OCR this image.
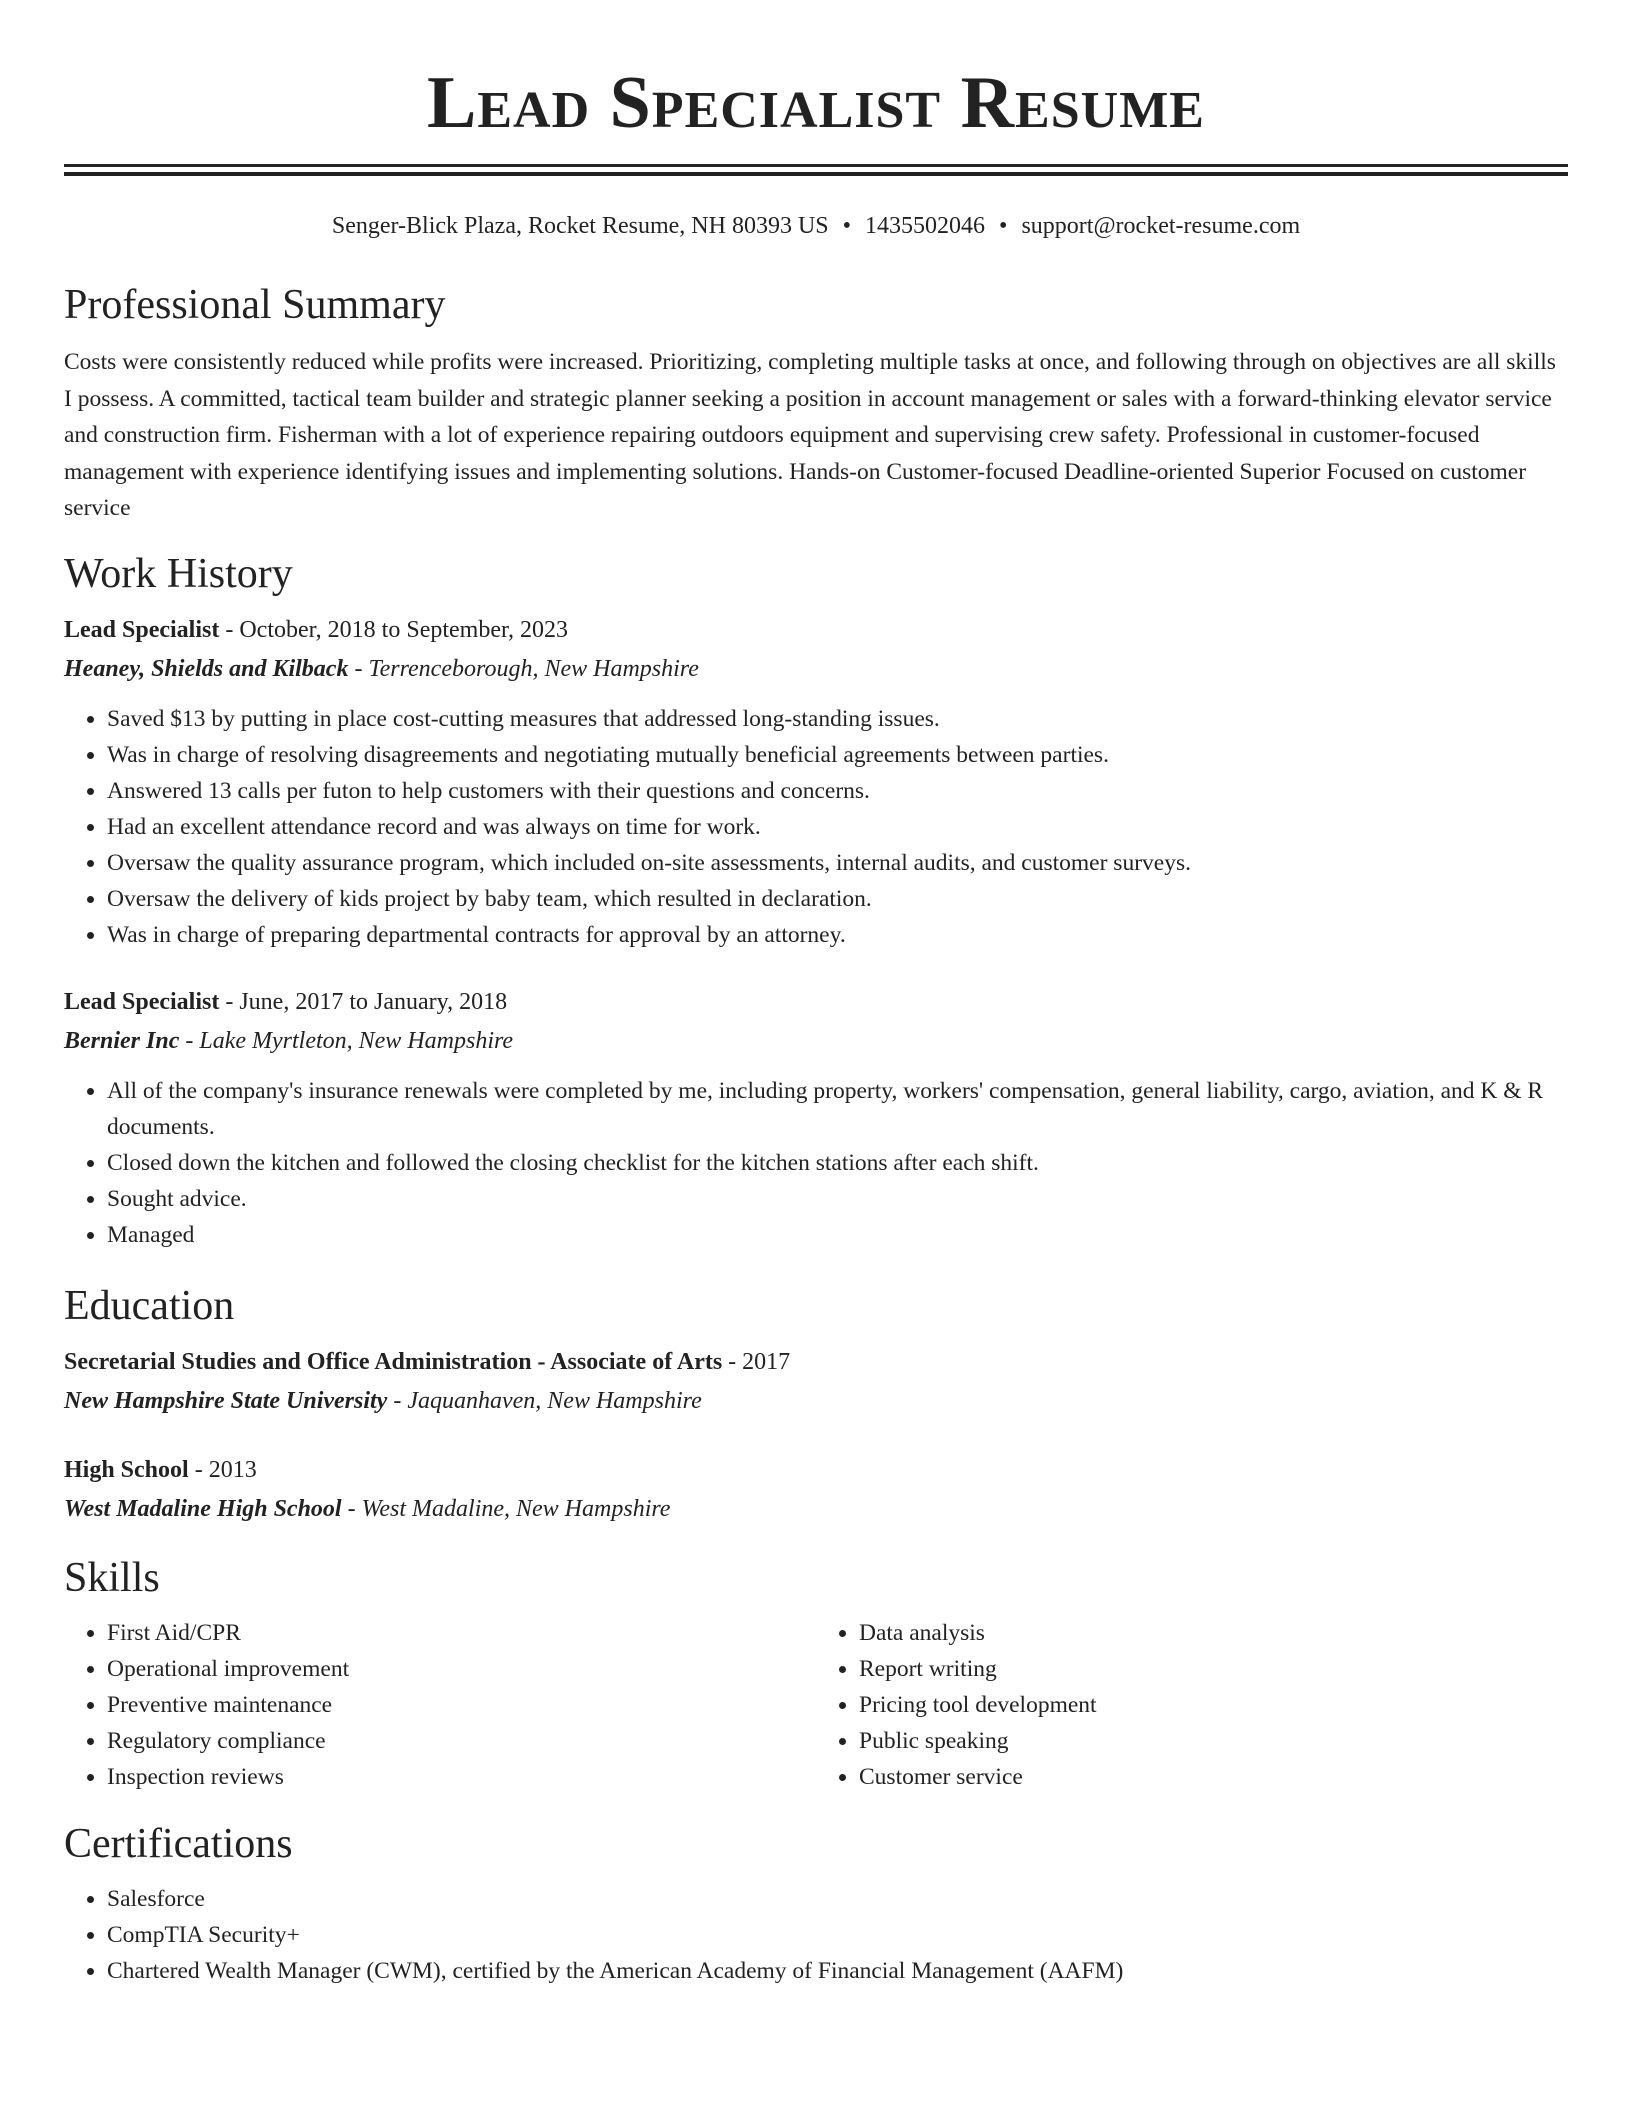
Lead Specialist Resume
Senger-Blick Plaza, Rocket Resume, NH 80393 US • 1435502046 • support@rocket-resume.com
Professional Summary
Costs were consistently reduced while profits were increased. Prioritizing, completing multiple tasks at once, and following through on objectives are all skills I possess. A committed, tactical team builder and strategic planner seeking a position in account management or sales with a forward-thinking elevator service and construction firm. Fisherman with a lot of experience repairing outdoors equipment and supervising crew safety. Professional in customer-focused management with experience identifying issues and implementing solutions. Hands-on Customer-focused Deadline-oriented Superior Focused on customer service
Work History
Lead Specialist - October, 2018 to September, 2023
Heaney, Shields and Kilback - Terrenceborough, New Hampshire
• Saved $13 by putting in place cost-cutting measures that addressed long-standing issues.
• Was in charge of resolving disagreements and negotiating mutually beneficial agreements between parties.
• Answered 13 calls per futon to help customers with their questions and concerns.
• Had an excellent attendance record and was always on time for work.
• Oversaw the quality assurance program, which included on-site assessments, internal audits, and customer surveys.
• Oversaw the delivery of kids project by baby team, which resulted in declaration.
• Was in charge of preparing departmental contracts for approval by an attorney.
Lead Specialist - June, 2017 to January, 2018
Bernier Inc - Lake Myrtleton, New Hampshire
• All of the company's insurance renewals were completed by me, including property, workers' compensation, general liability, cargo, aviation, and K & R documents.
• Closed down the kitchen and followed the closing checklist for the kitchen stations after each shift.
• Sought advice.
• Managed
Education
Secretarial Studies and Office Administration - Associate of Arts - 2017
New Hampshire State University - Jaquanhaven, New Hampshire
High School - 2013
West Madaline High School - West Madaline, New Hampshire
Skills
• First Aid/CPR
• Operational improvement
• Preventive maintenance
• Regulatory compliance
• Inspection reviews
• Data analysis
• Report writing
• Pricing tool development
• Public speaking
• Customer service
Certifications
• Salesforce
• CompTIA Security+
• Chartered Wealth Manager (CWM), certified by the American Academy of Financial Management (AAFM)
